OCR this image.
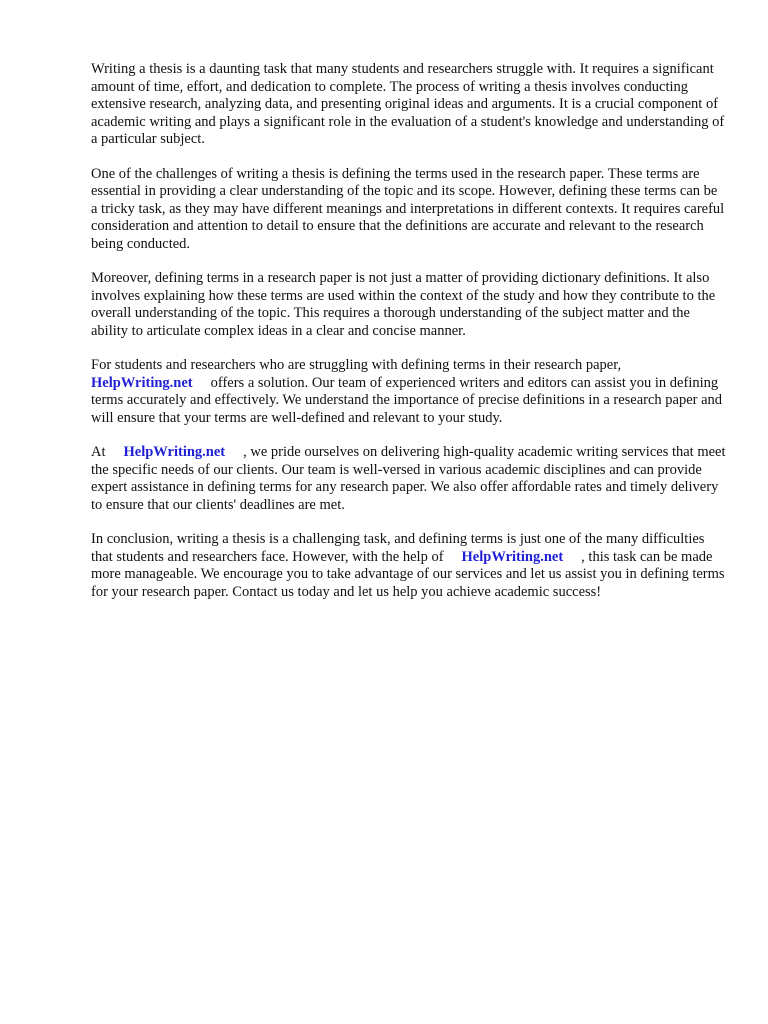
Writing a thesis is a daunting task that many students and researchers struggle with. It requires a significant amount of time, effort, and dedication to complete. The process of writing a thesis involves conducting extensive research, analyzing data, and presenting original ideas and arguments. It is a crucial component of academic writing and plays a significant role in the evaluation of a student's knowledge and understanding of a particular subject.

One of the challenges of writing a thesis is defining the terms used in the research paper. These terms are essential in providing a clear understanding of the topic and its scope. However, defining these terms can be a tricky task, as they may have different meanings and interpretations in different contexts. It requires careful consideration and attention to detail to ensure that the definitions are accurate and relevant to the research being conducted.

Moreover, defining terms in a research paper is not just a matter of providing dictionary definitions. It also involves explaining how these terms are used within the context of the study and how they contribute to the overall understanding of the topic. This requires a thorough understanding of the subject matter and the ability to articulate complex ideas in a clear and concise manner.

For students and researchers who are struggling with defining terms in their research paper,
HelpWriting.net offers a solution. Our team of experienced writers and editors can assist you in defining terms accurately and effectively. We understand the importance of precise definitions in a research paper and will ensure that your terms are well-defined and relevant to your study.

At HelpWriting.net , we pride ourselves on delivering high-quality academic writing services that meet the specific needs of our clients. Our team is well-versed in various academic disciplines and can provide expert assistance in defining terms for any research paper. We also offer affordable rates and timely delivery to ensure that our clients' deadlines are met.

In conclusion, writing a thesis is a challenging task, and defining terms is just one of the many difficulties that students and researchers face. However, with the help of HelpWriting.net , this task can be made more manageable. We encourage you to take advantage of our services and let us assist you in defining terms for your research paper. Contact us today and let us help you achieve academic success!
